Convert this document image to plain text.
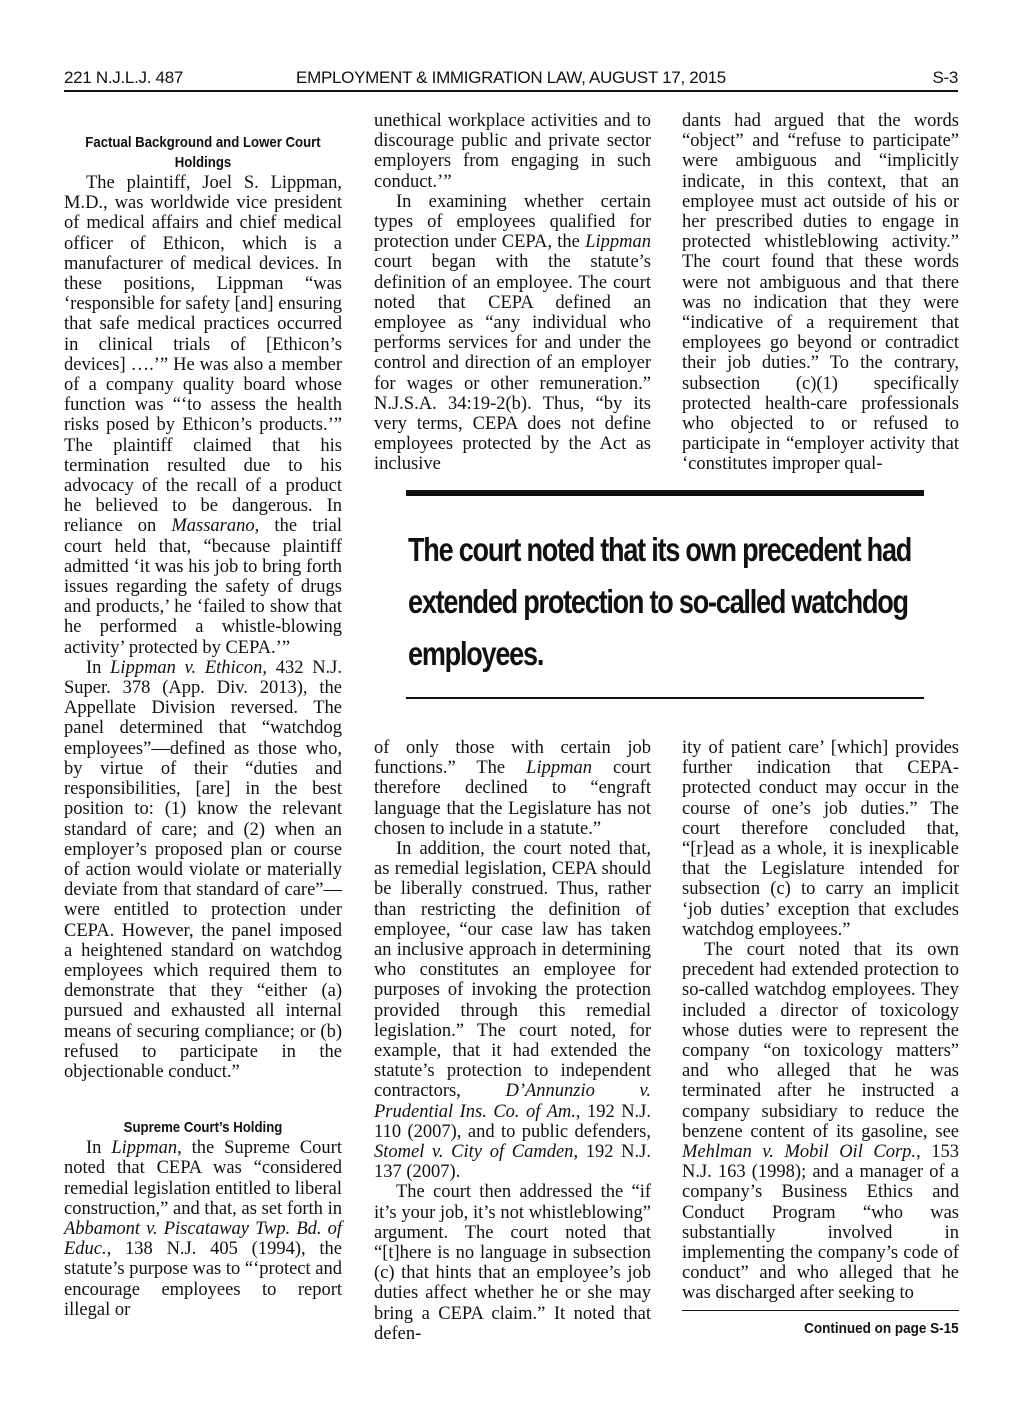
221 N.J.L.J. 487	EMPLOYMENT & IMMIGRATION LAW, AUGUST 17, 2015	S-3
Factual Background and Lower Court
Holdings

The plaintiff, Joel S. Lippman, M.D., was worldwide vice president of medical affairs and chief medical officer of Ethicon, which is a manufacturer of medical devices. In these positions, Lippman “was ‘responsible for safety [and] ensuring that safe medical practices occurred in clinical trials of [Ethicon’s devices] ….’” He was also a member of a company quality board whose function was “‘to assess the health risks posed by Ethicon’s products.’” The plaintiff claimed that his termination resulted due to his advocacy of the recall of a product he believed to be dangerous. In reliance on Massarano, the trial court held that, “because plaintiff admitted ‘it was his job to bring forth issues regarding the safety of drugs and products,’ he ‘failed to show that he performed a whistle-blowing activity’ protected by CEPA.’”

In Lippman v. Ethicon, 432 N.J. Super. 378 (App. Div. 2013), the Appellate Division reversed. The panel determined that “watchdog employees”—defined as those who, by virtue of their “duties and responsibilities, [are] in the best position to: (1) know the relevant standard of care; and (2) when an employer’s proposed plan or course of action would violate or materially deviate from that standard of care”—were entitled to protection under CEPA. However, the panel imposed a heightened standard on watchdog employees which required them to demonstrate that they “either (a) pursued and exhausted all internal means of securing compliance; or (b) refused to participate in the objectionable conduct.”

Supreme Court’s Holding

In Lippman, the Supreme Court noted that CEPA was “considered remedial legislation entitled to liberal construction,” and that, as set forth in Abbamont v. Piscataway Twp. Bd. of Educ., 138 N.J. 405 (1994), the statute’s purpose was to “‘protect and encourage employees to report illegal or

unethical workplace activities and to discourage public and private sector employers from engaging in such conduct.’”

In examining whether certain types of employees qualified for protection under CEPA, the Lippman court began with the statute’s definition of an employee. The court noted that CEPA defined an employee as “any individual who performs services for and under the control and direction of an employer for wages or other remuneration.” N.J.S.A. 34:19-2(b). Thus, “by its very terms, CEPA does not define employees protected by the Act as inclusive

dants had argued that the words “object” and “refuse to participate” were ambiguous and “implicitly indicate, in this context, that an employee must act outside of his or her prescribed duties to engage in protected whistleblowing activity.” The court found that these words were not ambiguous and that there was no indication that they were “indicative of a requirement that employees go beyond or contradict their job duties.” To the contrary, subsection (c)(1) specifically protected health-care professionals who objected to or refused to participate in “employer activity that ‘constitutes improper qual-

The court noted that its own precedent had
extended protection to so-called watchdog
employees.

of only those with certain job functions.” The Lippman court therefore declined to “engraft language that the Legislature has not chosen to include in a statute.”

In addition, the court noted that, as remedial legislation, CEPA should be liberally construed. Thus, rather than restricting the definition of employee, “our case law has taken an inclusive approach in determining who constitutes an employee for purposes of invoking the protection provided through this remedial legislation.” The court noted, for example, that it had extended the statute’s protection to independent contractors, D’Annunzio v. Prudential Ins. Co. of Am., 192 N.J. 110 (2007), and to public defenders, Stomel v. City of Camden, 192 N.J. 137 (2007).

The court then addressed the “if it’s your job, it’s not whistleblowing” argument. The court noted that “[t]here is no language in subsection (c) that hints that an employee’s job duties affect whether he or she may bring a CEPA claim.” It noted that defen-

ity of patient care’ [which] provides further indication that CEPA-protected conduct may occur in the course of one’s job duties.” The court therefore concluded that, “[r]ead as a whole, it is inexplicable that the Legislature intended for subsection (c) to carry an implicit ‘job duties’ exception that excludes watchdog employees.”

The court noted that its own precedent had extended protection to so-called watchdog employees. They included a director of toxicology whose duties were to represent the company “on toxicology matters” and who alleged that he was terminated after he instructed a company subsidiary to reduce the benzene content of its gasoline, see Mehlman v. Mobil Oil Corp., 153 N.J. 163 (1998); and a manager of a company’s Business Ethics and Conduct Program “who was substantially involved in implementing the company’s code of conduct” and who alleged that he was discharged after seeking to

Continued on page S-15
